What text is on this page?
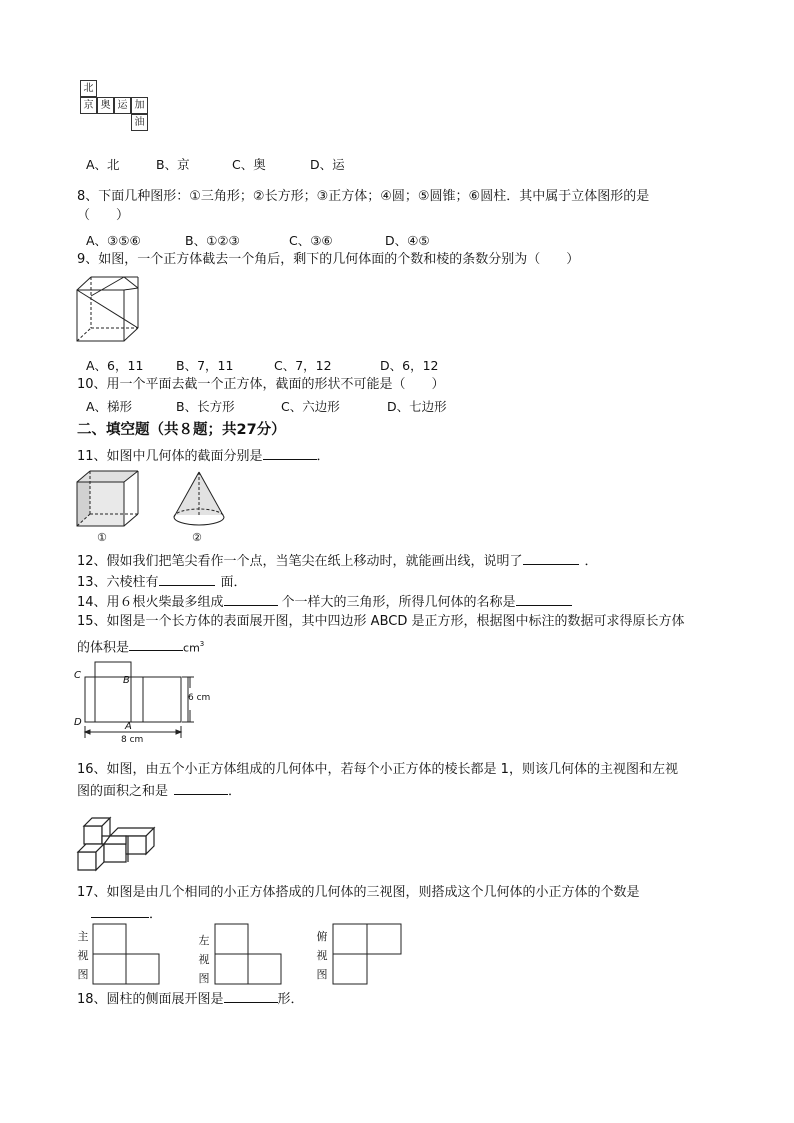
北
京 奥 运 加
油
A、北	B、京	C、奥	D、运
8、下面几种图形：①三角形；②长方形；③正方体；④圆；⑤圆锥；⑥圆柱．其中属于立体图形的是
（　　）
A、③⑤⑥	B、①②③	C、③⑥	D、④⑤
9、如图，一个正方体截去一个角后，剩下的几何体面的个数和棱的条数分别为（　　）
A、6，11	B、7，11	C、7，12	D、6，12
10、用一个平面去截一个正方体，截面的形状不可能是（　　）
A、梯形	B、长方形	C、六边形	D、七边形
二、填空题（共８题；共27分）
11、如图中几何体的截面分别是	．
①	②
12、假如我们把笔尖看作一个点，当笔尖在纸上移动时，就能画出线，说明了	．
13、六棱柱有	面．
14、用６根火柴最多组成	个一样大的三角形，所得几何体的名称是
15、如图是一个长方体的表面展开图，其中四边形 ABCD 是正方形，根据图中标注的数据可求得原长方体
的体积是	$cm^3$
C	B
D	A
6 cm
8 cm
16、如图，由五个小正方体组成的几何体中，若每个小正方体的棱长都是 1，则该几何体的主视图和左视
图的面积之和是	．
17、如图是由几个相同的小正方体搭成的几何体的三视图，则搭成这个几何体的小正方体的个数是
．
主
视
图
左
视
图
俯
视
图
18、圆柱的侧面展开图是	形．
